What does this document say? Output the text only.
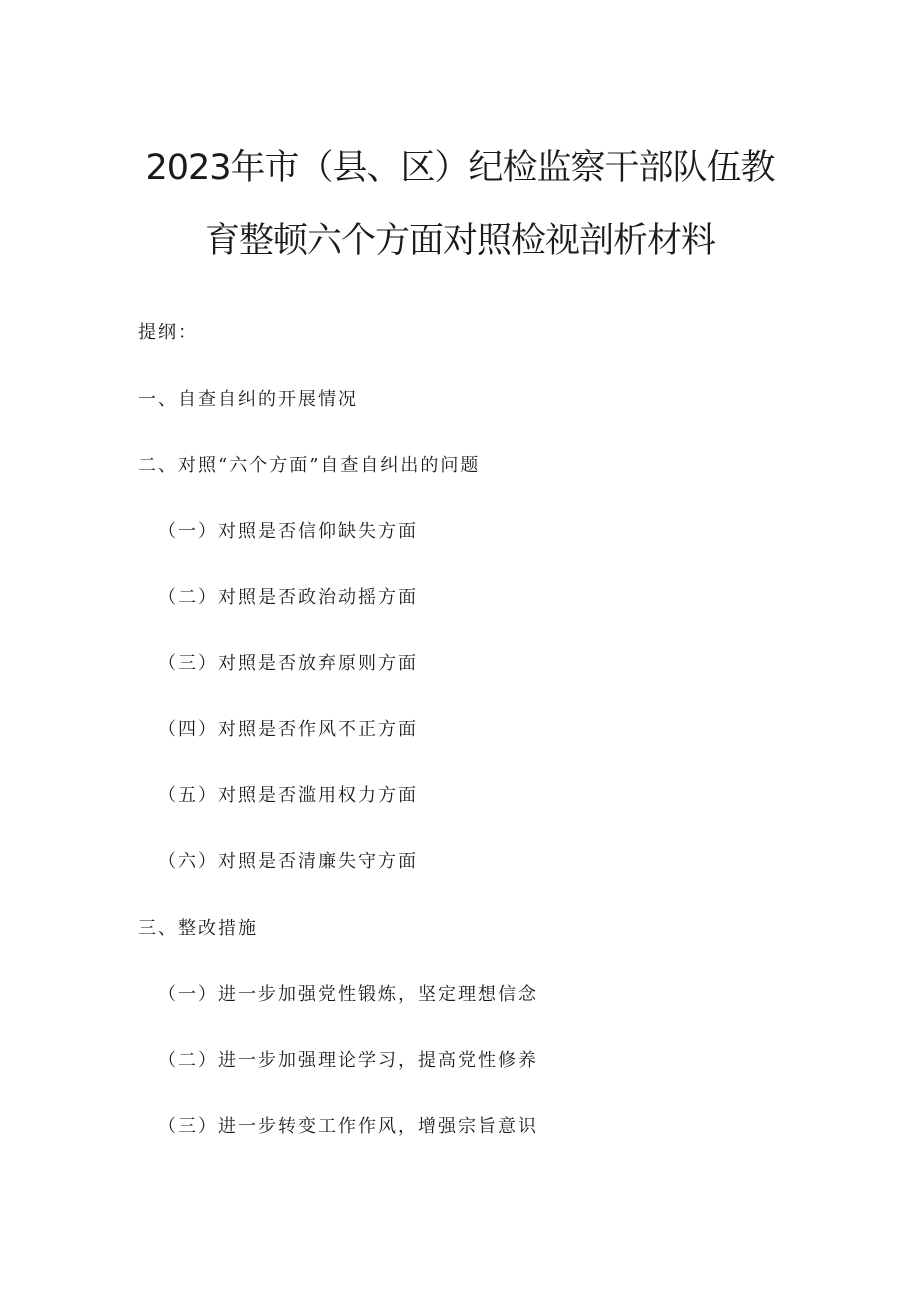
2023年市（县、区）纪检监察干部队伍教
育整顿六个方面对照检视剖析材料
提纲：
一、自查自纠的开展情况
二、对照“六个方面”自查自纠出的问题
（一）对照是否信仰缺失方面
（二）对照是否政治动摇方面
（三）对照是否放弃原则方面
（四）对照是否作风不正方面
（五）对照是否滥用权力方面
（六）对照是否清廉失守方面
三、整改措施
（一）进一步加强党性锻炼，坚定理想信念
（二）进一步加强理论学习，提高党性修养
（三）进一步转变工作作风，增强宗旨意识
